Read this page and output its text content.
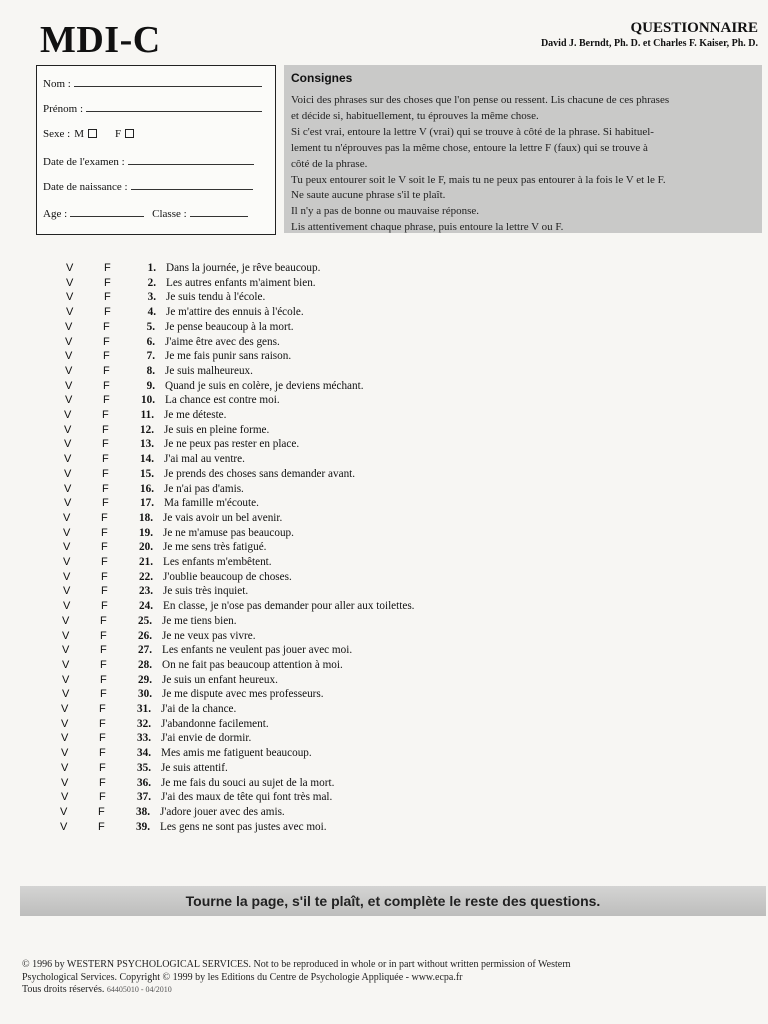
MDI-C	QUESTIONNAIRE
David J. Berndt, Ph. D. et Charles F. Kaiser, Ph. D.
Nom :
Prénom :
Sexe : M	F
Date de l'examen :
Date de naissance :
Age :	Classe :
Consignes
Voici des phrases sur des choses que l'on pense ou ressent. Lis chacune de ces phrases
et décide si, habituellement, tu éprouves la même chose.
Si c'est vrai, entoure la lettre V (vrai) qui se trouve à côté de la phrase. Si habituel-
lement tu n'éprouves pas la même chose, entoure la lettre F (faux) qui se trouve à
côté de la phrase.
Tu peux entourer soit le V soit le F, mais tu ne peux pas entourer à la fois le V et le F.
Ne saute aucune phrase s'il te plaît.
Il n'y a pas de bonne ou mauvaise réponse.
Lis attentivement chaque phrase, puis entoure la lettre V ou F.
V	F	1. Dans la journée, je rêve beaucoup.
V	F	2. Les autres enfants m'aiment bien.
V	F	3. Je suis tendu à l'école.
V	F	4. Je m'attire des ennuis à l'école.
V	F	5. Je pense beaucoup à la mort.
V	F	6. J'aime être avec des gens.
V	F	7. Je me fais punir sans raison.
V	F	8. Je suis malheureux.
V	F	9. Quand je suis en colère, je deviens méchant.
V	F	10. La chance est contre moi.
V	F	11. Je me déteste.
V	F	12. Je suis en pleine forme.
V	F	13. Je ne peux pas rester en place.
V	F	14. J'ai mal au ventre.
V	F	15. Je prends des choses sans demander avant.
V	F	16. Je n'ai pas d'amis.
V	F	17. Ma famille m'écoute.
V	F	18. Je vais avoir un bel avenir.
V	F	19. Je ne m'amuse pas beaucoup.
V	F	20. Je me sens très fatigué.
V	F	21. Les enfants m'embêtent.
V	F	22. J'oublie beaucoup de choses.
V	F	23. Je suis très inquiet.
V	F	24. En classe, je n'ose pas demander pour aller aux toilettes.
V	F	25. Je me tiens bien.
V	F	26. Je ne veux pas vivre.
V	F	27. Les enfants ne veulent pas jouer avec moi.
V	F	28. On ne fait pas beaucoup attention à moi.
V	F	29. Je suis un enfant heureux.
V	F	30. Je me dispute avec mes professeurs.
V	F	31. J'ai de la chance.
V	F	32. J'abandonne facilement.
V	F	33. J'ai envie de dormir.
V	F	34. Mes amis me fatiguent beaucoup.
V	F	35. Je suis attentif.
V	F	36. Je me fais du souci au sujet de la mort.
V	F	37. J'ai des maux de tête qui font très mal.
V	F	38. J'adore jouer avec des amis.
V	F	39. Les gens ne sont pas justes avec moi.
Tourne la page, s'il te plaît, et complète le reste des questions.
© 1996 by WESTERN PSYCHOLOGICAL SERVICES. Not to be reproduced in whole or in part without written permission of Western
Psychological Services. Copyright © 1999 by les Editions du Centre de Psychologie Appliquée - www.ecpa.fr
Tous droits réservés. 64405010 - 04/2010
